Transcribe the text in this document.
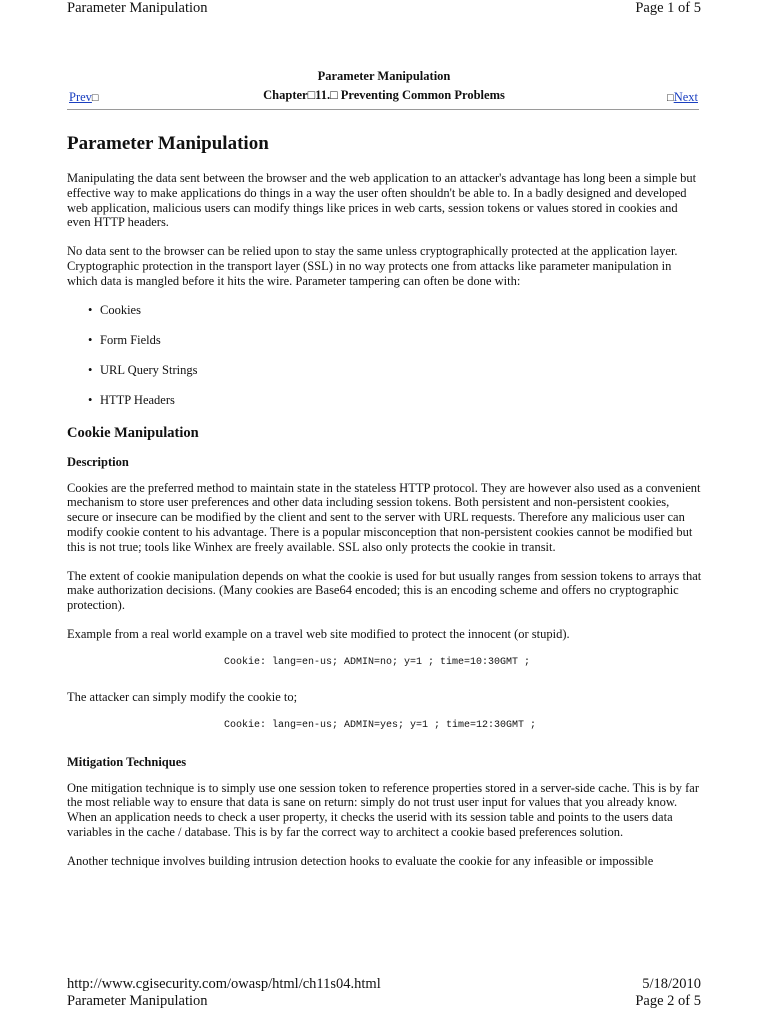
Parameter Manipulation	Page 1 of 5
Parameter Manipulation
Chapter□11.□ Preventing Common Problems
Prev□	□Next
Parameter Manipulation

Manipulating the data sent between the browser and the web application to an attacker's advantage has long been a simple but effective way to make applications do things in a way the user often shouldn't be able to. In a badly designed and developed web application, malicious users can modify things like prices in web carts, session tokens or values stored in cookies and even HTTP headers.

No data sent to the browser can be relied upon to stay the same unless cryptographically protected at the application layer. Cryptographic protection in the transport layer (SSL) in no way protects one from attacks like parameter manipulation in which data is mangled before it hits the wire. Parameter tampering can often be done with:

• Cookies
• Form Fields
• URL Query Strings
• HTTP Headers
Cookie Manipulation
Description

Cookies are the preferred method to maintain state in the stateless HTTP protocol. They are however also used as a convenient mechanism to store user preferences and other data including session tokens. Both persistent and non-persistent cookies, secure or insecure can be modified by the client and sent to the server with URL requests. Therefore any malicious user can modify cookie content to his advantage. There is a popular misconception that non-persistent cookies cannot be modified but this is not true; tools like Winhex are freely available. SSL also only protects the cookie in transit.

The extent of cookie manipulation depends on what the cookie is used for but usually ranges from session tokens to arrays that make authorization decisions. (Many cookies are Base64 encoded; this is an encoding scheme and offers no cryptographic protection).

Example from a real world example on a travel web site modified to protect the innocent (or stupid).

Cookie: lang=en-us; ADMIN=no; y=1 ; time=10:30GMT ;

The attacker can simply modify the cookie to;

Cookie: lang=en-us; ADMIN=yes; y=1 ; time=12:30GMT ;
Mitigation Techniques

One mitigation technique is to simply use one session token to reference properties stored in a server-side cache. This is by far the most reliable way to ensure that data is sane on return: simply do not trust user input for values that you already know. When an application needs to check a user property, it checks the userid with its session table and points to the users data variables in the cache / database. This is by far the correct way to architect a cookie based preferences solution.

Another technique involves building intrusion detection hooks to evaluate the cookie for any infeasible or impossible

http://www.cgisecurity.com/owasp/html/ch11s04.html	5/18/2010
Parameter Manipulation	Page 2 of 5
